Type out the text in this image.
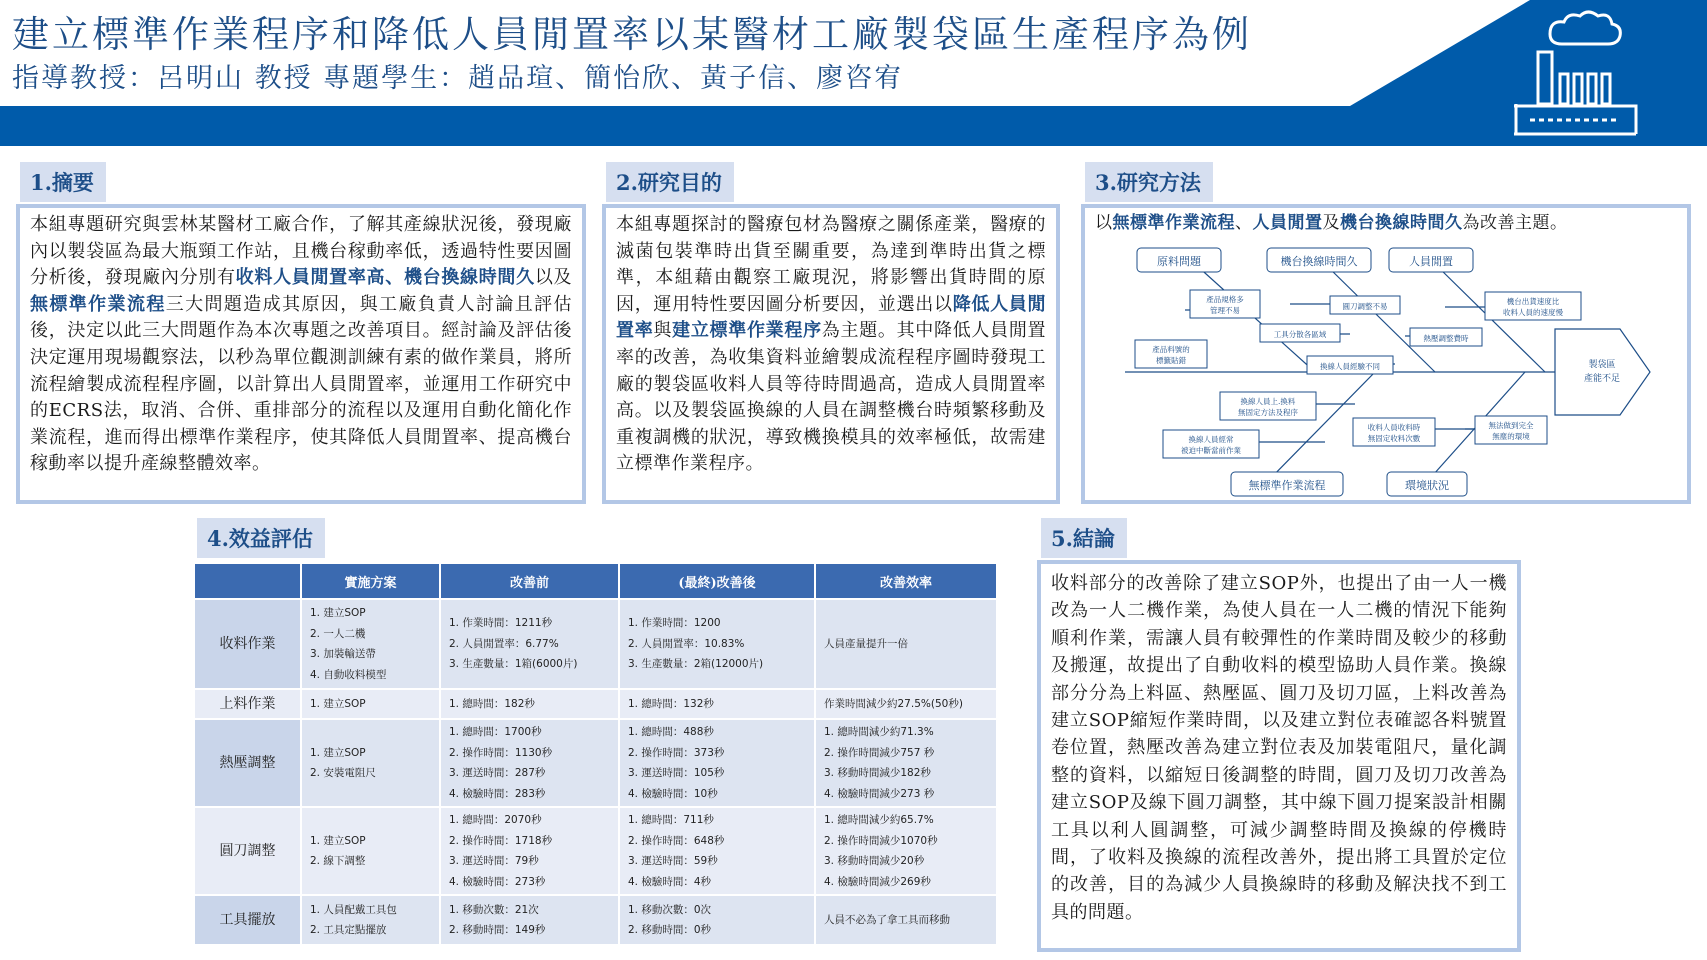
建立標準作業程序和降低人員閒置率以某醫材工廠製袋區生產程序為例
指導教授：呂明山 教授 專題學生：趙品瑄、簡怡欣、黃子信、廖咨宥
1.摘要

本組專題研究與雲林某醫材工廠合作，了解其產線狀況後，發現廠內以製袋區為最大瓶頸工作站，且機台稼動率低，透過特性要因圖分析後，發現廠內分別有收料人員閒置率高、機台換線時間久以及無標準作業流程三大問題造成其原因，與工廠負責人討論且評估後，決定以此三大問題作為本次專題之改善項目。經討論及評估後決定運用現場觀察法，以秒為單位觀測訓練有素的做作業員，將所流程繪製成流程程序圖，以計算出人員閒置率，並運用工作研究中的ECRS法，取消、合併、重排部分的流程以及運用自動化簡化作業流程，進而得出標準作業程序，使其降低人員閒置率、提高機台稼動率以提升產線整體效率。

2.研究目的

本組專題探討的醫療包材為醫療之關係產業，醫療的滅菌包裝準時出貨至關重要，為達到準時出貨之標準，本組藉由觀察工廠現況，將影響出貨時間的原因，運用特性要因圖分析要因，並選出以降低人員閒置率與建立標準作業程序為主題。其中降低人員閒置率的改善，為收集資料並繪製成流程程序圖時發現工廠的製袋區收料人員等待時間過高，造成人員閒置率高。以及製袋區換線的人員在調整機台時頻繁移動及重複調機的狀況，導致機換模具的效率極低，故需建立標準作業程序。

3.研究方法

以無標準作業流程、人員閒置及機台換線時間久為改善主題。

製袋區
產能不足
原料問題	機台換線時間久	人員閒置
無標準作業流程	環境狀況
產品規格多
管理不易
工具分散各區域
圓刀調整不易
機台出貨速度比
收料人員的速度慢
熱壓調整費時
產品料號的
標籤貼錯
換線人員經驗不同
換線人員上.換料
無固定方法及程序
換線人員經常
被迫中斷當前作業
收料人員收料時
無固定收料次數
無法做到完全
無塵的環境
4.效益評估
	實施方案	改善前	(最終)改善後	改善效率
收料作業	1. 建立SOP
2. 一人二機
3. 加裝輸送帶
4. 自動收料模型	1. 作業時間：1211秒
2. 人員閒置率：6.77%
3. 生產數量：1箱(6000片)	1. 作業時間：1200
2. 人員閒置率：10.83%
3. 生產數量：2箱(12000片)	人員產量提升一倍

上料作業	1. 建立SOP	1. 總時間：182秒	1. 總時間：132秒	作業時間減少約27.5%(50秒)

熱壓調整	1. 建立SOP
2. 安裝電阻尺	1. 總時間：1700秒
2. 操作時間：1130秒
3. 運送時間：287秒
4. 檢驗時間：283秒	1. 總時間：488秒
2. 操作時間：373秒
3. 運送時間：105秒
4. 檢驗時間：10秒	1. 總時間減少約71.3%
2. 操作時間減少757 秒
3. 移動時間減少182秒
4. 檢驗時間減少273 秒

圓刀調整	1. 建立SOP
2. 線下調整	1. 總時間：2070秒
2. 操作時間：1718秒
3. 運送時間：79秒
4. 檢驗時間：273秒	1. 總時間：711秒
2. 操作時間：648秒
3. 運送時間：59秒
4. 檢驗時間：4秒	1. 總時間減少約65.7%
2. 操作時間減少1070秒
3. 移動時間減少20秒
4. 檢驗時間減少269秒

工具擺放	1. 人員配戴工具包
2. 工具定點擺放	1. 移動次數：21次
2. 移動時間：149秒	1. 移動次數：0次
2. 移動時間：0秒	人員不必為了拿工具而移動
5.結論

收料部分的改善除了建立SOP外，也提出了由一人一機改為一人二機作業，為使人員在一人二機的情況下能夠順利作業，需讓人員有較彈性的作業時間及較少的移動及搬運，故提出了自動收料的模型協助人員作業。換線部分分為上料區、熱壓區、圓刀及切刀區，上料改善為建立SOP縮短作業時間，以及建立對位表確認各料號置卷位置，熱壓改善為建立對位表及加裝電阻尺，量化調整的資料，以縮短日後調整的時間，圓刀及切刀改善為建立SOP及線下圓刀調整，其中線下圓刀提案設計相關工具以利人圓調整，可減少調整時間及換線的停機時間，了收料及換線的流程改善外，提出將工具置於定位的改善，目的為減少人員換線時的移動及解決找不到工具的問題。
